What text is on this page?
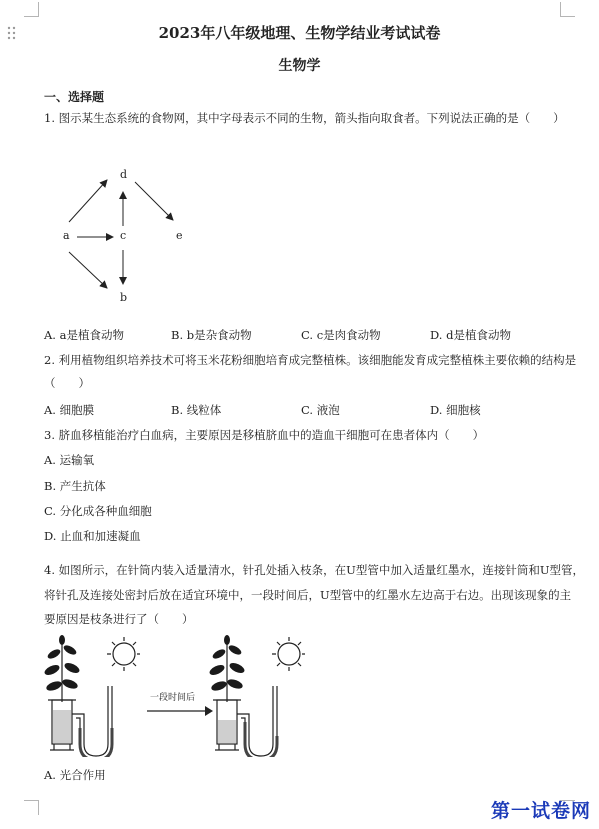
2023年八年级地理、生物学结业考试试卷
生物学
一、选择题
1. 图示某生态系统的食物网，其中字母表示不同的生物，箭头指向取食者。下列说法正确的是（　　）
d
a	c	e
b
A. a是植食动物	B. b是杂食动物	C. c是肉食动物	D. d是植食动物
2. 利用植物组织培养技术可将玉米花粉细胞培育成完整植株。该细胞能发育成完整植株主要依赖的结构是
（　　）
A. 细胞膜	B. 线粒体	C. 液泡	D. 细胞核
3. 脐血移植能治疗白血病，主要原因是移植脐血中的造血干细胞可在患者体内（　　）
A. 运输氧
B. 产生抗体
C. 分化成各种血细胞
D. 止血和加速凝血
4. 如图所示，在针筒内装入适量清水，针孔处插入枝条，在U型管中加入适量红墨水，连接针筒和U型管，
将针孔及连接处密封后放在适宜环境中，一段时间后，U型管中的红墨水左边高于右边。出现该现象的主
要原因是枝条进行了（　　）
一段时间后
A. 光合作用
第一试卷网
